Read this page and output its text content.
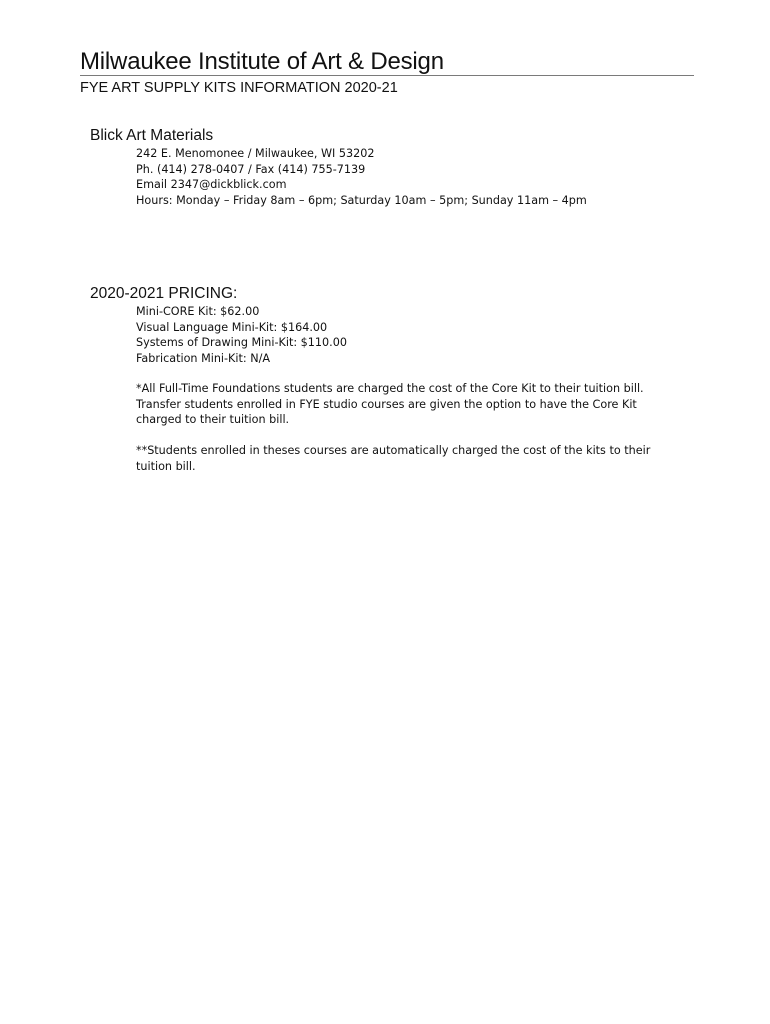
Milwaukee Institute of Art & Design
FYE ART SUPPLY KITS INFORMATION 2020-21
Blick Art Materials
242 E. Menomonee / Milwaukee, WI 53202
Ph. (414) 278-0407 / Fax (414) 755-7139
Email 2347@dickblick.com
Hours: Monday – Friday 8am – 6pm; Saturday 10am – 5pm; Sunday 11am – 4pm
2020-2021 PRICING:
Mini-CORE Kit: $62.00
Visual Language Mini-Kit: $164.00
Systems of Drawing Mini-Kit: $110.00
Fabrication Mini-Kit: N/A
*All Full-Time Foundations students are charged the cost of the Core Kit to their tuition bill.
Transfer students enrolled in FYE studio courses are given the option to have the Core Kit
charged to their tuition bill.
**Students enrolled in theses courses are automatically charged the cost of the kits to their
tuition bill.
